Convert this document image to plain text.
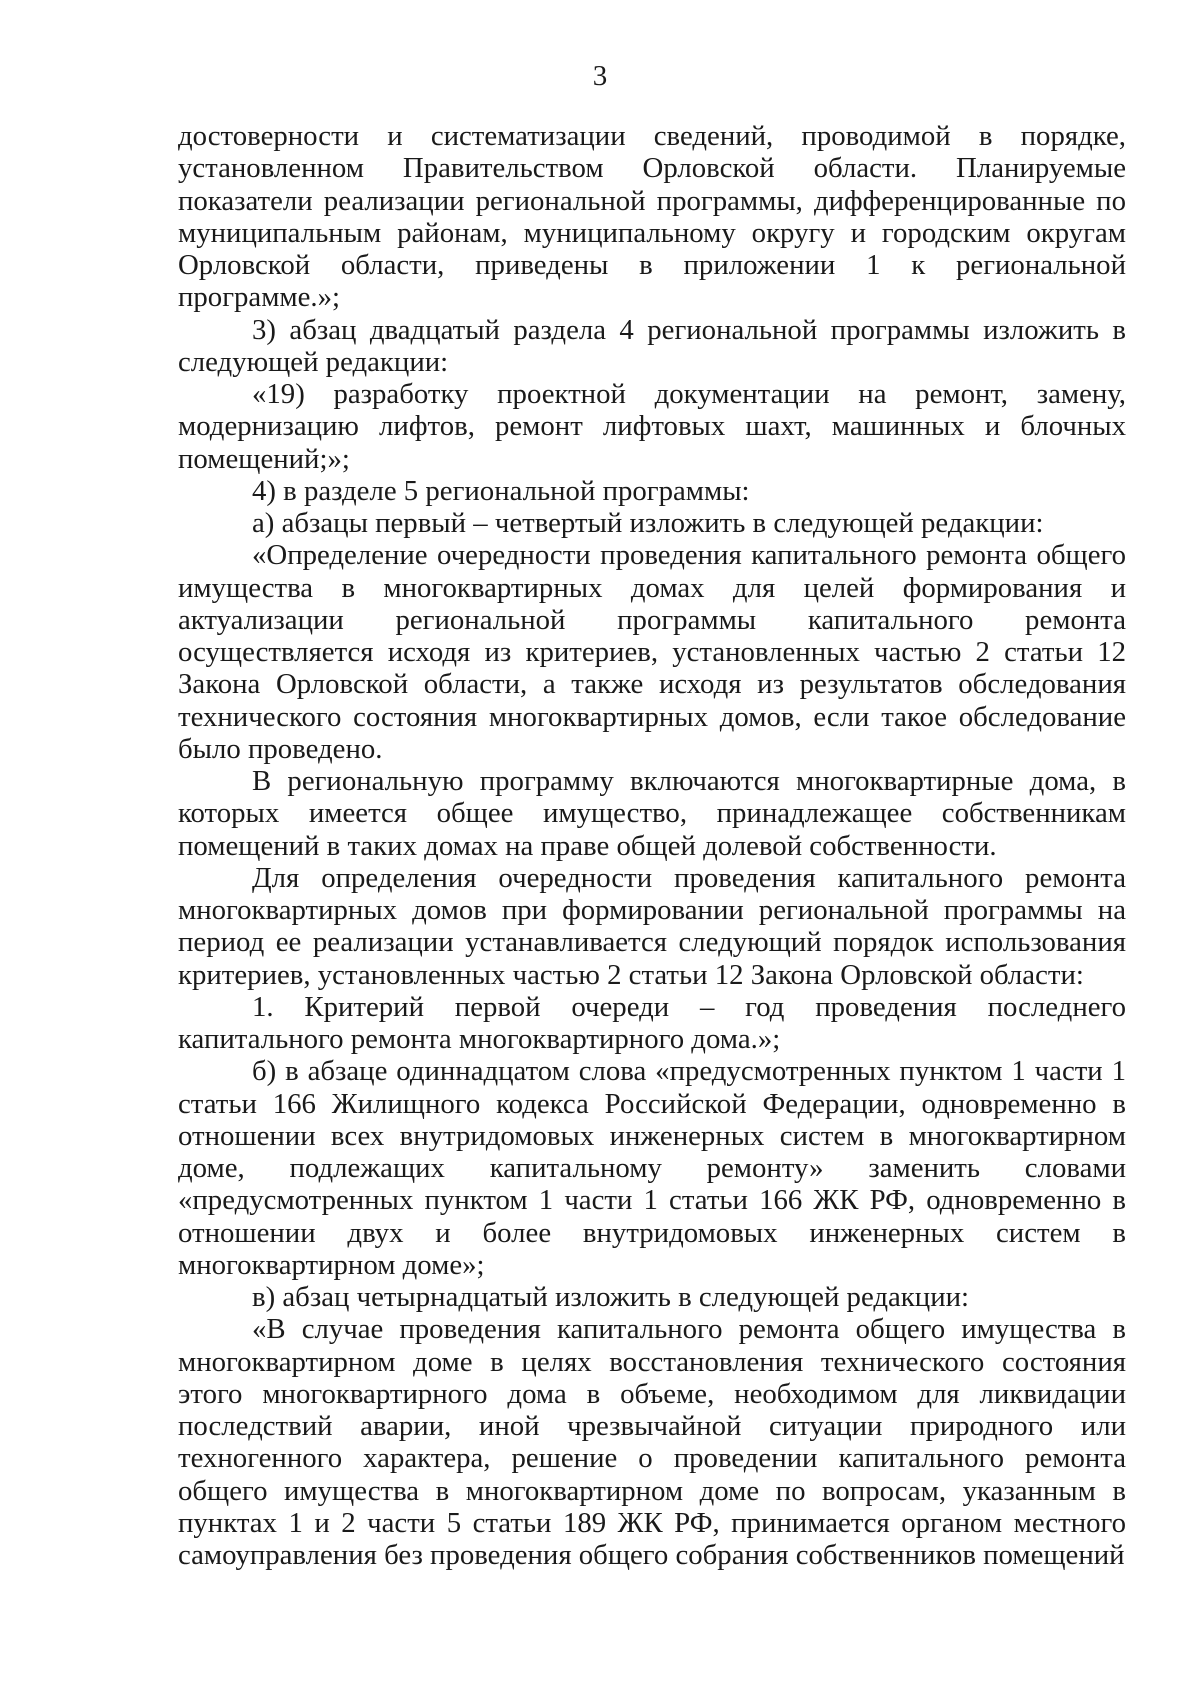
3

достоверности и систематизации сведений, проводимой в порядке, установленном Правительством Орловской области. Планируемые показатели реализации региональной программы, дифференцированные по муниципальным районам, муниципальному округу и городским округам Орловской области, приведены в приложении 1 к региональной программе.»;

3) абзац двадцатый раздела 4 региональной программы изложить в следующей редакции:

«19) разработку проектной документации на ремонт, замену, модернизацию лифтов, ремонт лифтовых шахт, машинных и блочных помещений;»;

4) в разделе 5 региональной программы:

а) абзацы первый – четвертый изложить в следующей редакции:

«Определение очередности проведения капитального ремонта общего имущества в многоквартирных домах для целей формирования и актуализации региональной программы капитального ремонта осуществляется исходя из критериев, установленных частью 2 статьи 12 Закона Орловской области, а также исходя из результатов обследования технического состояния многоквартирных домов, если такое обследование было проведено.

В региональную программу включаются многоквартирные дома, в которых имеется общее имущество, принадлежащее собственникам помещений в таких домах на праве общей долевой собственности.

Для определения очередности проведения капитального ремонта многоквартирных домов при формировании региональной программы на период ее реализации устанавливается следующий порядок использования критериев, установленных частью 2 статьи 12 Закона Орловской области:

1. Критерий первой очереди – год проведения последнего капитального ремонта многоквартирного дома.»;

б) в абзаце одиннадцатом слова «предусмотренных пунктом 1 части 1 статьи 166 Жилищного кодекса Российской Федерации, одновременно в отношении всех внутридомовых инженерных систем в многоквартирном доме, подлежащих капитальному ремонту» заменить словами «предусмотренных пунктом 1 части 1 статьи 166 ЖК РФ, одновременно в отношении двух и более внутридомовых инженерных систем в многоквартирном доме»;

в) абзац четырнадцатый изложить в следующей редакции:

«В случае проведения капитального ремонта общего имущества в многоквартирном доме в целях восстановления технического состояния этого многоквартирного дома в объеме, необходимом для ликвидации последствий аварии, иной чрезвычайной ситуации природного или техногенного характера, решение о проведении капитального ремонта общего имущества в многоквартирном доме по вопросам, указанным в пунктах 1 и 2 части 5 статьи 189 ЖК РФ, принимается органом местного самоуправления без проведения общего собрания собственников помещений
